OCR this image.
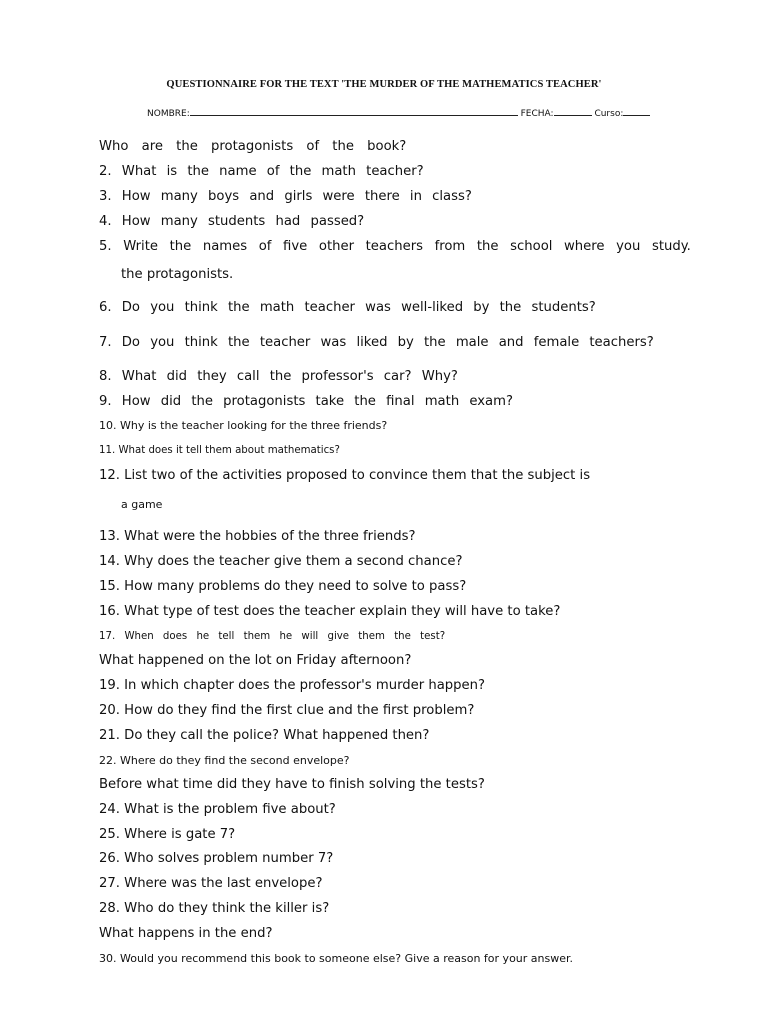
QUESTIONNAIRE FOR THE TEXT 'THE MURDER OF THE MATHEMATICS TEACHER'
NOMBRE:	FECHA:	Curso:

Who are the protagonists of the book?

2. What is the name of the math teacher?

3. How many boys and girls were there in class?

4. How many students had passed?

5. Write the names of five other teachers from the school where you study.

the protagonists.

6. Do you think the math teacher was well-liked by the students?

7. Do you think the teacher was liked by the male and female teachers?

8. What did they call the professor's car? Why?

9. How did the protagonists take the final math exam?

10. Why is the teacher looking for the three friends?

11. What does it tell them about mathematics?

12. List two of the activities proposed to convince them that the subject is

a game

13. What were the hobbies of the three friends?

14. Why does the teacher give them a second chance?

15. How many problems do they need to solve to pass?

16. What type of test does the teacher explain they will have to take?

17. When does he tell them he will give them the test?

What happened on the lot on Friday afternoon?

19. In which chapter does the professor's murder happen?

20. How do they find the first clue and the first problem?

21. Do they call the police? What happened then?

22. Where do they find the second envelope?

Before what time did they have to finish solving the tests?

24. What is the problem five about?

25. Where is gate 7?

26. Who solves problem number 7?

27. Where was the last envelope?

28. Who do they think the killer is?

What happens in the end?

30. Would you recommend this book to someone else? Give a reason for your answer.
